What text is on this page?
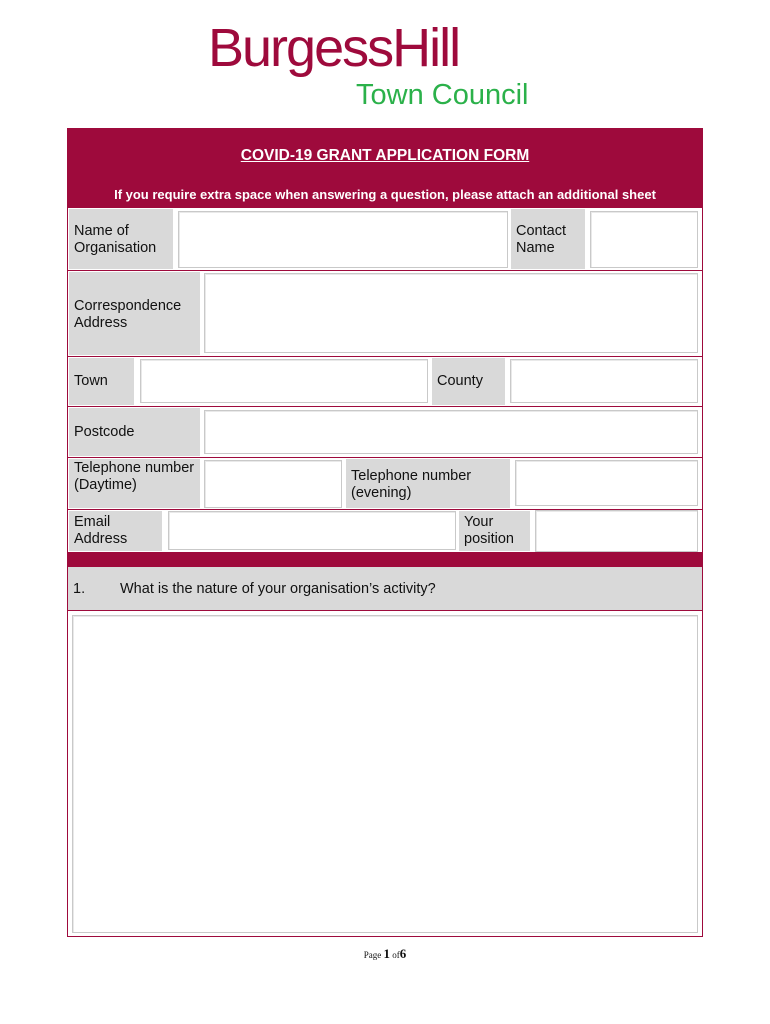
BurgessHill
Town Council
COVID-19 GRANT APPLICATION FORM
If you require extra space when answering a question, please attach an additional sheet
Name of Organisation
Contact Name
Correspondence Address
Town	County
Postcode
Telephone number (Daytime)
Telephone number (evening)
Email Address
Your position
1. What is the nature of your organisation’s activity?
Page 1 of6
